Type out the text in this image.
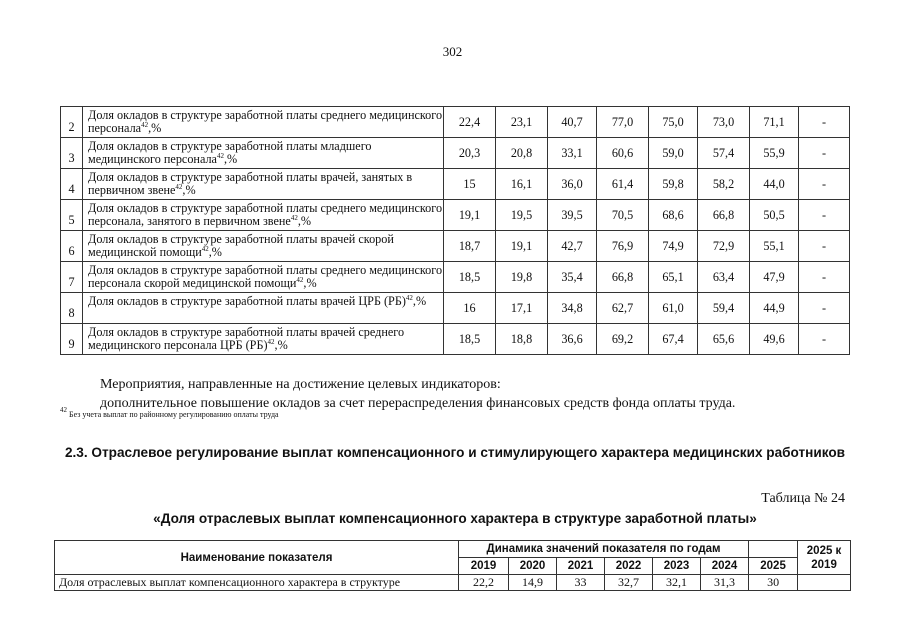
302
2	Доля окладов в структуре заработной платы среднего медицинского персонала$^{42}$,%	22,4	23,1	40,7	77,0	75,0	73,0	71,1	-
3	Доля окладов в структуре заработной платы младшего медицинского персонала$^{42}$,%	20,3	20,8	33,1	60,6	59,0	57,4	55,9	-
4	Доля окладов в структуре заработной платы врачей, занятых в первичном звене$^{42}$,%	15	16,1	36,0	61,4	59,8	58,2	44,0	-
5	Доля окладов в структуре заработной платы среднего медицинского персонала, занятого в первичном звене$^{42}$,%	19,1	19,5	39,5	70,5	68,6	66,8	50,5	-
6	Доля окладов в структуре заработной платы врачей скорой медицинской помощи$^{42}$,%	18,7	19,1	42,7	76,9	74,9	72,9	55,1	-
7	Доля окладов в структуре заработной платы среднего медицинского персонала скорой медицинской помощи$^{42}$,%	18,5	19,8	35,4	66,8	65,1	63,4	47,9	-
8	Доля окладов в структуре заработной платы врачей ЦРБ (РБ)$^{42}$,%	16	17,1	34,8	62,7	61,0	59,4	44,9	-
9	Доля окладов в структуре заработной платы врачей среднего медицинского персонала ЦРБ (РБ)$^{42}$,%	18,5	18,8	36,6	69,2	67,4	65,6	49,6	-
Мероприятия, направленные на достижение целевых индикаторов:
дополнительное повышение окладов за счет перераспределения финансовых средств фонда оплаты труда.
$^{42}$ Без учета выплат по районному регулированию оплаты труда
2.3. Отраслевое регулирование выплат компенсационного и стимулирующего характера медицинских работников
Таблица № 24
«Доля отраслевых выплат компенсационного характера в структуре заработной платы»
Наименование показателя	Динамика значений показателя по годам							2025 к 2019
	2019	2020	2021	2022	2023	2024	2025	
Доля отраслевых выплат компенсационного характера в структуре	22,2	14,9	33	32,7	32,1	31,3	30	
